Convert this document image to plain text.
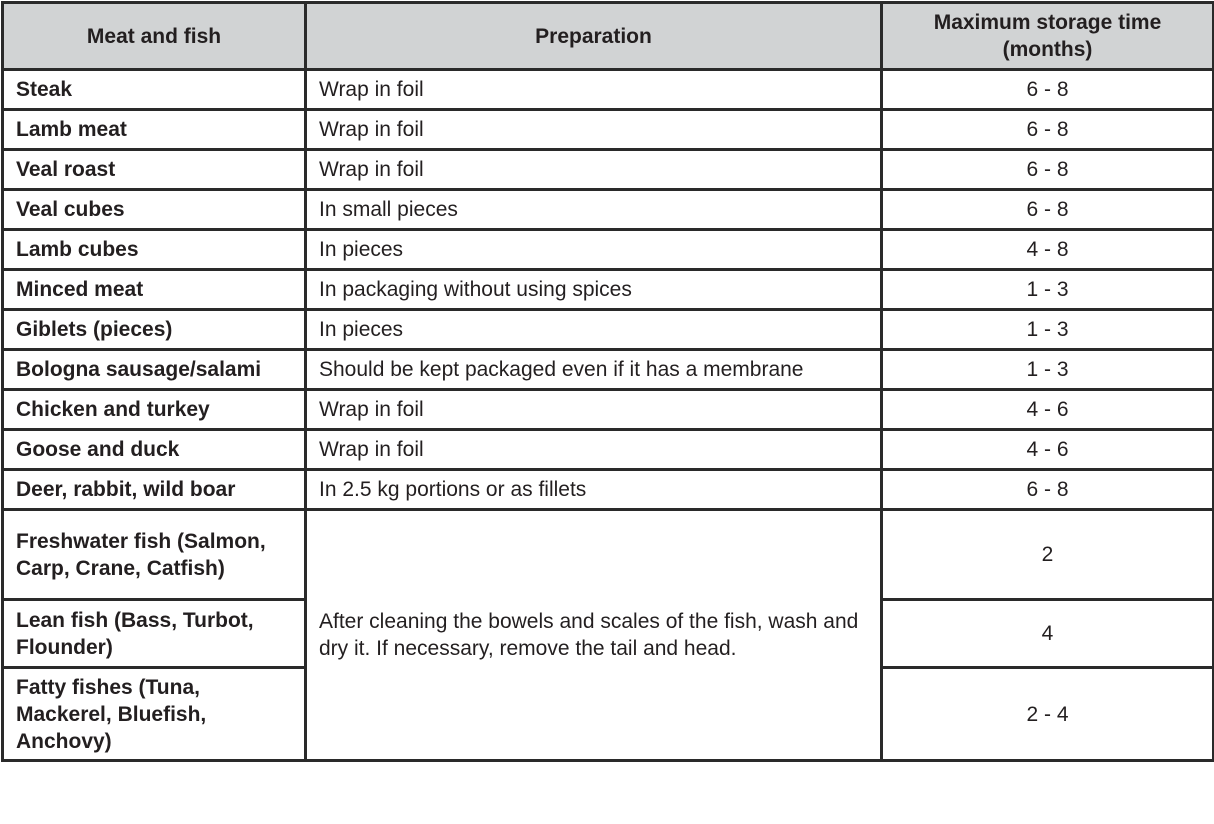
Meat and fish	Preparation	Maximum storage time (months)
Steak	Wrap in foil	6 - 8
Lamb meat	Wrap in foil	6 - 8
Veal roast	Wrap in foil	6 - 8
Veal cubes	In small pieces	6 - 8
Lamb cubes	In pieces	4 - 8
Minced meat	In packaging without using spices	1 - 3
Giblets (pieces)	In pieces	1 - 3
Bologna sausage/salami	Should be kept packaged even if it has a membrane	1 - 3
Chicken and turkey	Wrap in foil	4 - 6
Goose and duck	Wrap in foil	4 - 6
Deer, rabbit, wild boar	In 2.5 kg portions or as fillets	6 - 8
Freshwater fish (Salmon, Carp, Crane, Catfish)	After cleaning the bowels and scales of the fish, wash and dry it. If necessary, remove the tail and head.	2
Lean fish (Bass, Turbot, Flounder)		4
Fatty fishes (Tuna, Mackerel, Bluefish, Anchovy)		2 - 4
